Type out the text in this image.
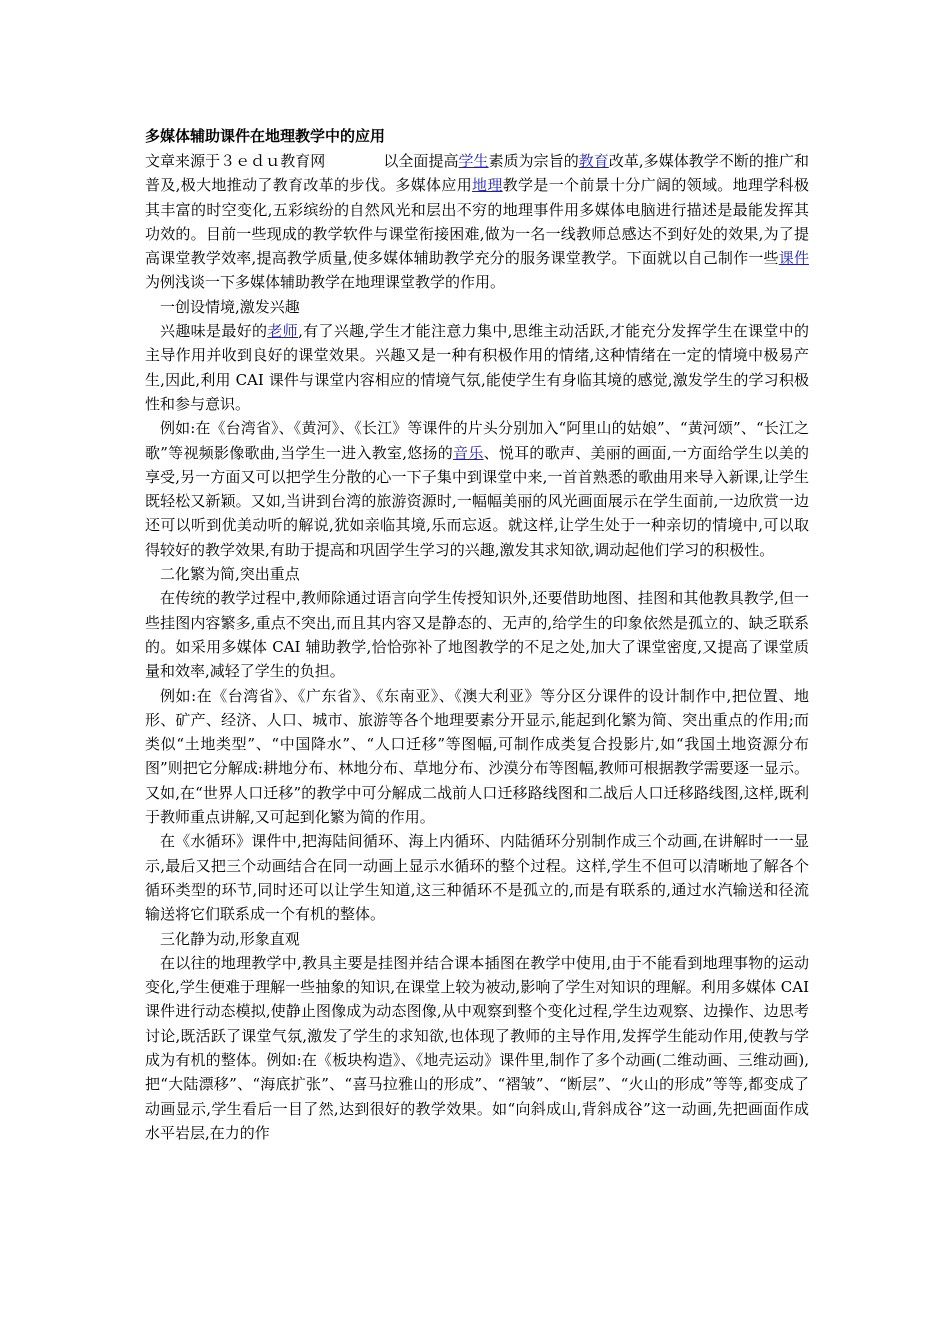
多媒体辅助课件在地理教学中的应用

文章来源于３ｅｄｕ教育网	以全面提高学生素质为宗旨的教育改革,多媒体教学不断的推广和普及,极大地推动了教育改革的步伐。多媒体应用地理教学是一个前景十分广阔的领域。地理学科极其丰富的时空变化,五彩缤纷的自然风光和层出不穷的地理事件用多媒体电脑进行描述是最能发挥其功效的。目前一些现成的教学软件与课堂衔接困难,做为一名一线教师总感达不到好处的效果,为了提高课堂教学效率,提高教学质量,使多媒体辅助教学充分的服务课堂教学。下面就以自己制作一些课件为例浅谈一下多媒体辅助教学在地理课堂教学的作用。

一创设情境,激发兴趣

兴趣味是最好的老师,有了兴趣,学生才能注意力集中,思维主动活跃,才能充分发挥学生在课堂中的主导作用并收到良好的课堂效果。兴趣又是一种有积极作用的情绪,这种情绪在一定的情境中极易产生,因此,利用 CAI 课件与课堂内容相应的情境气氛,能使学生有身临其境的感觉,激发学生的学习积极性和参与意识。

例如:在《台湾省》、《黄河》、《长江》等课件的片头分别加入“阿里山的姑娘”、“黄河颂”、“长江之歌”等视频影像歌曲,当学生一进入教室,悠扬的音乐、悦耳的歌声、美丽的画面,一方面给学生以美的享受,另一方面又可以把学生分散的心一下子集中到课堂中来,一首首熟悉的歌曲用来导入新课,让学生既轻松又新颖。又如,当讲到台湾的旅游资源时,一幅幅美丽的风光画面展示在学生面前,一边欣赏一边还可以听到优美动听的解说,犹如亲临其境,乐而忘返。就这样,让学生处于一种亲切的情境中,可以取得较好的教学效果,有助于提高和巩固学生学习的兴趣,激发其求知欲,调动起他们学习的积极性。

二化繁为简,突出重点

在传统的教学过程中,教师除通过语言向学生传授知识外,还要借助地图、挂图和其他教具教学,但一些挂图内容繁多,重点不突出,而且其内容又是静态的、无声的,给学生的印象依然是孤立的、缺乏联系的。如采用多媒体 CAI 辅助教学,恰恰弥补了地图教学的不足之处,加大了课堂密度,又提高了课堂质量和效率,减轻了学生的负担。

例如:在《台湾省》、《广东省》、《东南亚》、《澳大利亚》等分区分课件的设计制作中,把位置、地形、矿产、经济、人口、城市、旅游等各个地理要素分开显示,能起到化繁为简、突出重点的作用;而类似“土地类型”、“中国降水”、“人口迁移”等图幅,可制作成类复合投影片,如“我国土地资源分布图”则把它分解成:耕地分布、林地分布、草地分布、沙漠分布等图幅,教师可根据教学需要逐一显示。又如,在“世界人口迁移”的教学中可分解成二战前人口迁移路线图和二战后人口迁移路线图,这样,既利于教师重点讲解,又可起到化繁为简的作用。

在《水循环》课件中,把海陆间循环、海上内循环、内陆循环分别制作成三个动画,在讲解时一一显示,最后又把三个动画结合在同一动画上显示水循环的整个过程。这样,学生不但可以清晰地了解各个循环类型的环节,同时还可以让学生知道,这三种循环不是孤立的,而是有联系的,通过水汽输送和径流输送将它们联系成一个有机的整体。

三化静为动,形象直观

在以往的地理教学中,教具主要是挂图并结合课本插图在教学中使用,由于不能看到地理事物的运动变化,学生便难于理解一些抽象的知识,在课堂上较为被动,影响了学生对知识的理解。利用多媒体 CAI 课件进行动态模拟,使静止图像成为动态图像,从中观察到整个变化过程,学生边观察、边操作、边思考讨论,既活跃了课堂气氛,激发了学生的求知欲,也体现了教师的主导作用,发挥学生能动作用,使教与学成为有机的整体。例如:在《板块构造》、《地壳运动》课件里,制作了多个动画(二维动画、三维动画),把“大陆漂移”、“海底扩张”、“喜马拉雅山的形成”、“褶皱”、“断层”、“火山的形成”等等,都变成了动画显示,学生看后一目了然,达到很好的教学效果。如“向斜成山,背斜成谷”这一动画,先把画面作成水平岩层,在力的作
